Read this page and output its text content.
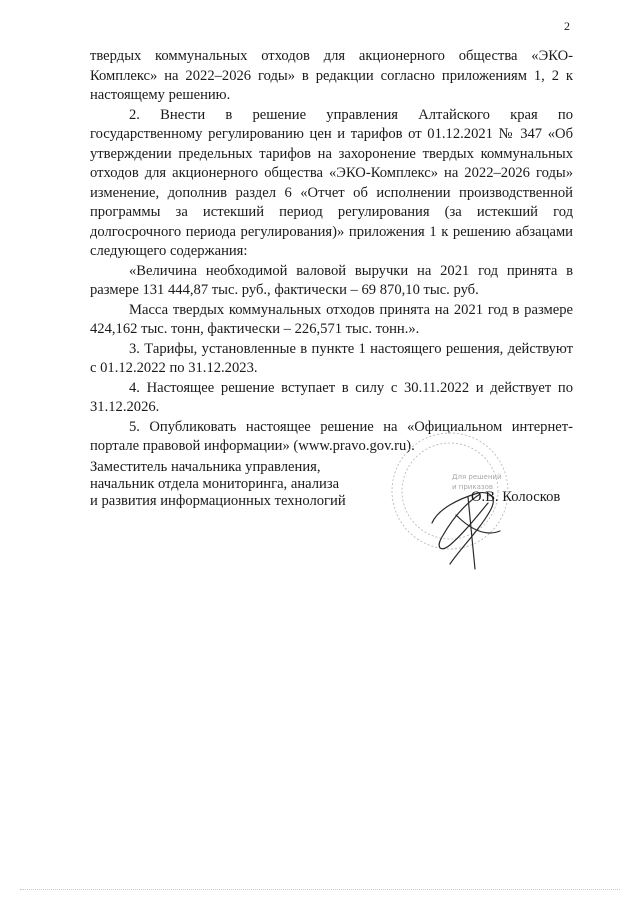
2

твердых коммунальных отходов для акционерного общества «ЭКО-Комплекс» на 2022–2026 годы» в редакции согласно приложениям 1, 2 к настоящему решению.

2. Внести в решение управления Алтайского края по государственному регулированию цен и тарифов от 01.12.2021 № 347 «Об утверждении предельных тарифов на захоронение твердых коммунальных отходов для акционерного общества «ЭКО-Комплекс» на 2022–2026 годы» изменение, дополнив раздел 6 «Отчет об исполнении производственной программы за истекший период регулирования (за истекший год долгосрочного периода регулирования)» приложения 1 к решению абзацами следующего содержания:

«Величина необходимой валовой выручки на 2021 год принята в размере 131 444,87 тыс. руб., фактически – 69 870,10 тыс. руб.

Масса твердых коммунальных отходов принята на 2021 год в размере 424,162 тыс. тонн, фактически – 226,571 тыс. тонн.».

3. Тарифы, установленные в пункте 1 настоящего решения, действуют с 01.12.2022 по 31.12.2023.

4. Настоящее решение вступает в силу с 30.11.2022 и действует по 31.12.2026.

5. Опубликовать настоящее решение на «Официальном интернет-портале правовой информации» (www.pravo.gov.ru).

Для решений
и приказов
Заместитель начальника управления,
начальник отдела мониторинга, анализа
и развития информационных технологий	О.В. Колосков
